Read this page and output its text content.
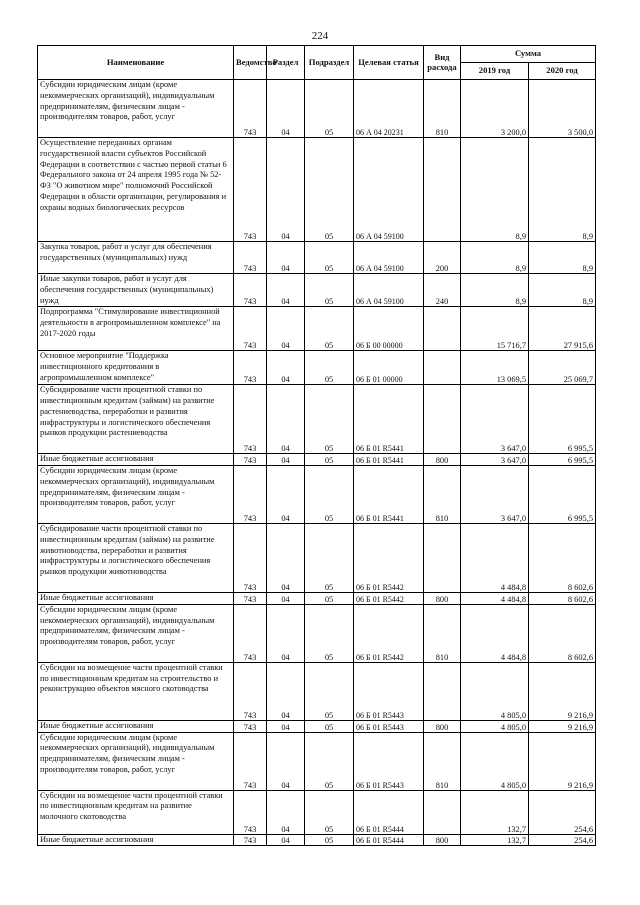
224
Наименование	Ведомство	Раздел	Подраздел	Целевая статья	Вид расхода	Сумма	
						2019 год	2020 год
Субсидии юридическим лицам (кроме некоммерческих организаций), индивидуальным предпринимателям, физическим лицам - производителям товаров, работ, услуг	743	04	05	06 А 04 20231	810	3 200,0	3 500,0
Осуществление переданных органам государственной власти субъектов Российской Федерации в соответствии с частью первой статьи 6 Федерального закона от 24 апреля 1995 года № 52-ФЗ "О животном мире" полномочий Российской Федерации в области организации, регулирования и охраны водных биологических ресурсов	743	04	05	06 А 04 59100		8,9	8,9
Закупка товаров, работ и услуг для обеспечения государственных (муниципальных) нужд	743	04	05	06 А 04 59100	200	8,9	8,9
Иные закупки товаров, работ и услуг для обеспечения государственных (муниципальных) нужд	743	04	05	06 А 04 59100	240	8,9	8,9
Подпрограмма "Стимулирование инвестиционной деятельности в агропромышленном комплексе" на 2017-2020 годы	743	04	05	06 Б 00 00000		15 716,7	27 915,6
Основное мероприятие "Поддержка инвестиционного кредитования в агропромышленном комплексе"	743	04	05	06 Б 01 00000		13 069,5	25 069,7
Субсидирование части процентной ставки по инвестиционным кредитам (займам) на развитие растениеводства, переработки и развития инфраструктуры и логистического обеспечения рынков продукции растениеводства	743	04	05	06 Б 01 R5441		3 647,0	6 995,5
Иные бюджетные ассигнования	743	04	05	06 Б 01 R5441	800	3 647,0	6 995,5
Субсидии юридическим лицам (кроме некоммерческих организаций), индивидуальным предпринимателям, физическим лицам - производителям товаров, работ, услуг	743	04	05	06 Б 01 R5441	810	3 647,0	6 995,5
Субсидирование части процентной ставки по инвестиционным кредитам (займам) на развитие животноводства, переработки и развития инфраструктуры и логистического обеспечения рынков продукции животноводства	743	04	05	06 Б 01 R5442		4 484,8	8 602,6
Иные бюджетные ассигнования	743	04	05	06 Б 01 R5442	800	4 484,8	8 602,6
Субсидии юридическим лицам (кроме некоммерческих организаций), индивидуальным предпринимателям, физическим лицам - производителям товаров, работ, услуг	743	04	05	06 Б 01 R5442	810	4 484,8	8 602,6
Субсидии на возмещение части процентной ставки по инвестиционным кредитам на строительство и реконструкцию объектов мясного скотоводства	743	04	05	06 Б 01 R5443		4 805,0	9 216,9
Иные бюджетные ассигнования	743	04	05	06 Б 01 R5443	800	4 805,0	9 216,9
Субсидии юридическим лицам (кроме некоммерческих организаций), индивидуальным предпринимателям, физическим лицам - производителям товаров, работ, услуг	743	04	05	06 Б 01 R5443	810	4 805,0	9 216,9
Субсидии на возмещение части процентной ставки по инвестиционным кредитам на развитие молочного скотоводства	743	04	05	06 Б 01 R5444		132,7	254,6
Иные бюджетные ассигнования	743	04	05	06 Б 01 R5444	800	132,7	254,6
